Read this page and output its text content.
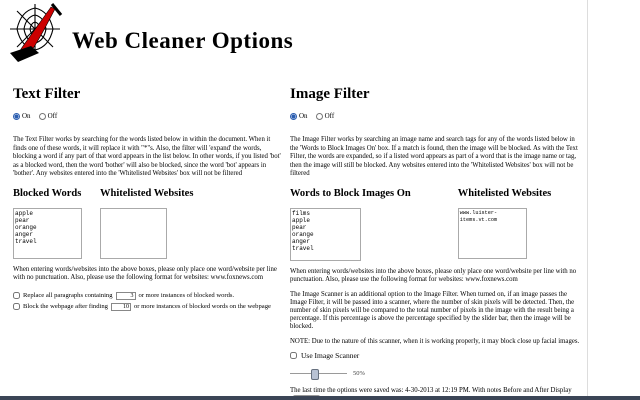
Web Cleaner Options
Text Filter
On Off

The Text Filter works by searching for the words listed below in within the document. When it finds one of these words, it will replace it with "*"s. Also, the filter will 'expand' the words, blocking a word if any part of that word appears in the list below. In other words, if you listed 'bot' as a blocked word, then the word 'bother' will also be blocked, since the word 'bot' appears in 'bother'. Any websites entered into the 'Whitelisted Websites' box will not be filtered

Blocked Words
apple pear orange anger travel Whitelisted Websites

When entering words/websites into the above boxes, please only place one word/website per line with no punctuation. Also, please use the following format for websites: www.foxnews.com

Replace all paragraphs containing
3	or more instances of blocked words.
Block the webpage after finding
10	or more instances of blocked words on the webpage
Image Filter
On Off

The Image Filter works by searching an image name and search tags for any of the words listed below in the 'Words to Block Images On' box. If a match is found, then the image will be blocked. As with the Text Filter, the words are expanded, so if a listed word appears as part of a word that is the image name or tag, then the image will still be blocked. Any websites entered into the 'Whitelisted Websites' box will not be filtered

Words to Block Images On
films apple pear orange anger travel	Whitelisted Websites
www.luister-items.vt.com

When entering words/websites into the above boxes, please only place one word/website per line with no punctuation. Also, please use the following format for websites: www.foxnews.com

The Image Scanner is an additional option to the Image Filter. When turned on, if an image passes the Image Filter, it will be passed into a scanner, where the number of skin pixels will be detected. Then, the number of skin pixels will be compared to the total number of pixels in the image with the result being a percentage. If this percentage is above the percentage specified by the slider bar, then the image will be blocked.

NOTE: Due to the nature of this scanner, when it is working properly, it may block close up facial images.

Use Image Scanner
50%
The last time the options were saved was: 4-30-2013 at 12:19 PM. With notes Before and After Display
